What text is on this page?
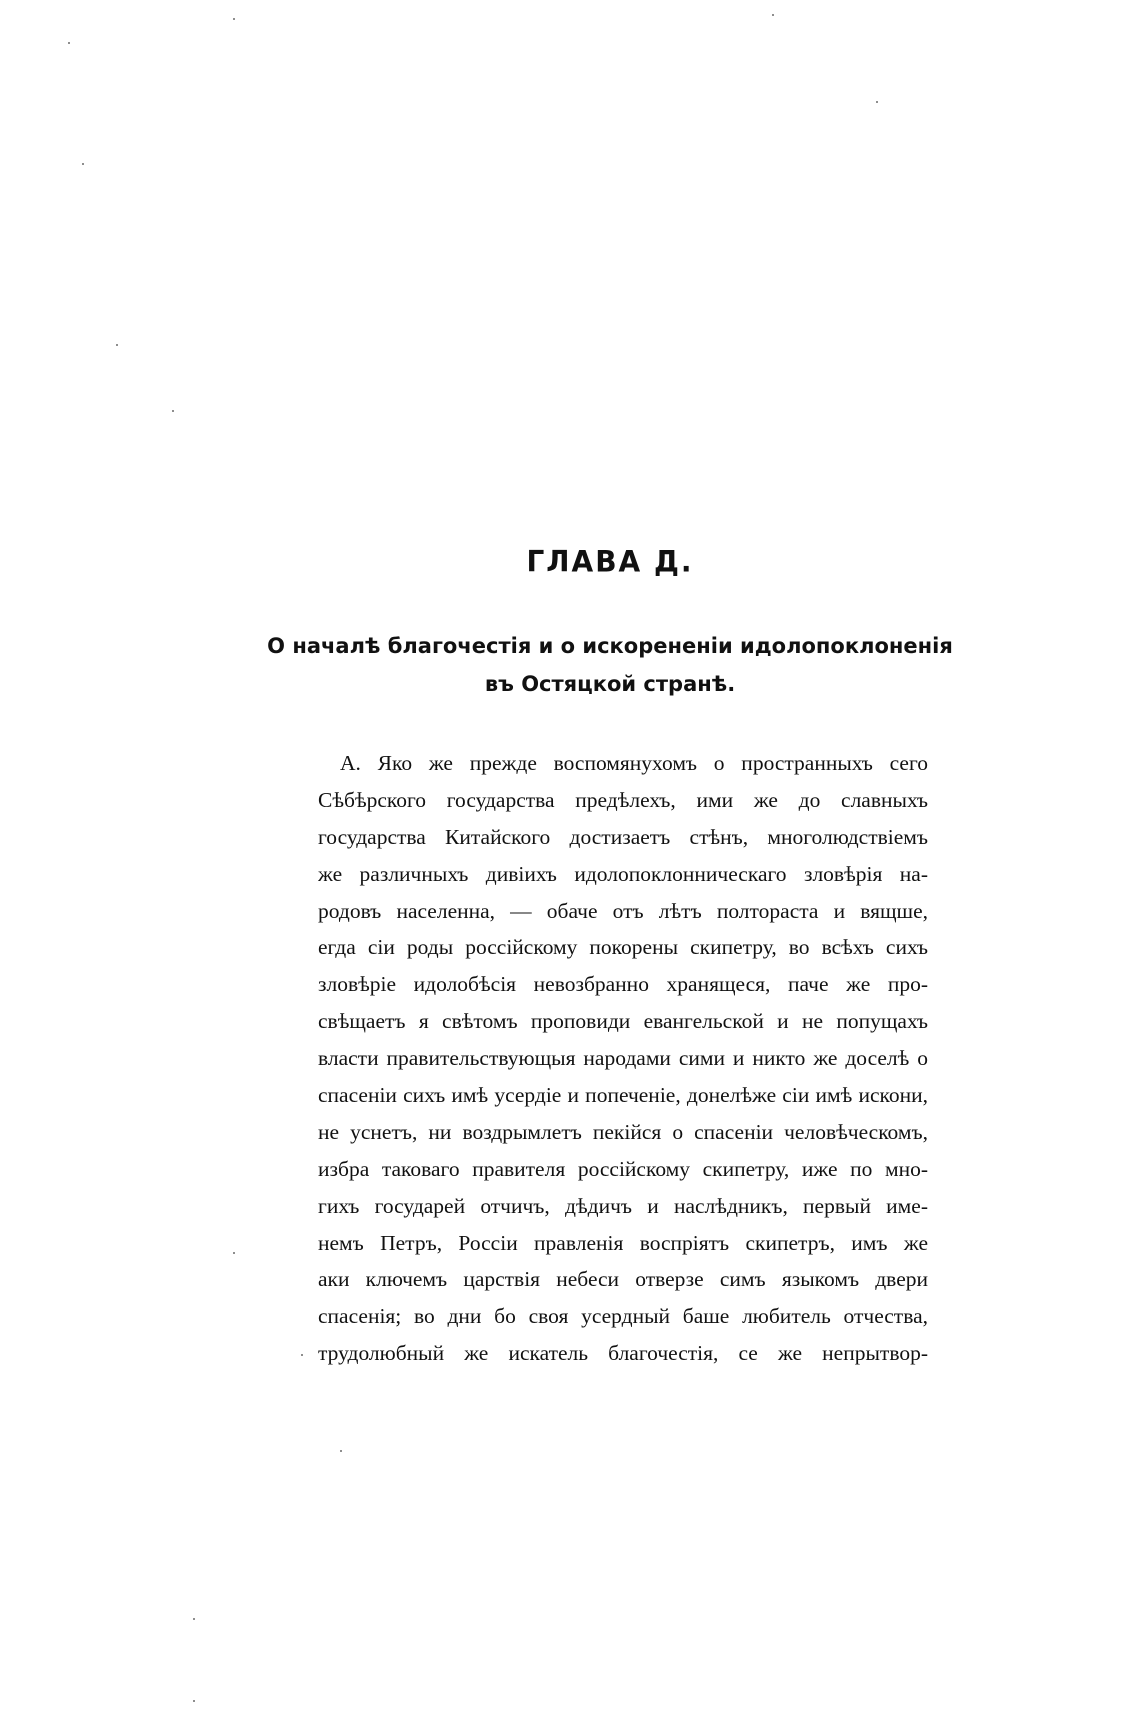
ГЛАВА Д.
О началѣ благочестія и о искорененіи идолопоклоненія
въ Остяцкой странѣ.
А. Яко же прежде воспомянухомъ о пространныхъ сего
Сѣбѣрского государства предѣлехъ, ими же до славныхъ
государства Китайского достизаетъ стѣнъ, многолюдствіемъ
же различныхъ дивіихъ идолопоклонническаго зловѣрія на-
родовъ населенна, — обаче отъ лѣтъ полтораста и вящше,
егда сіи роды россійскому покорены скипетру, во всѣхъ сихъ
зловѣріе идолобѣсія невозбранно хранящеся, паче же про-
свѣщаетъ я свѣтомъ проповиди евангельской и не попущахъ
власти правительствующыя народами сими и никто же доселѣ о
спасеніи сихъ имѣ усердіе и попеченіе, донелѣже сіи имѣ искони,
не уснетъ, ни воздрымлетъ пекійся о спасеніи человѣческомъ,
избра таковаго правителя россійскому скипетру, иже по мно-
гихъ государей отчичъ, дѣдичъ и наслѣдникъ, первый име-
немъ Петръ, Россіи правленія воспріятъ скипетръ, имъ же
аки ключемъ царствія небеси отверзе симъ языкомъ двери
спасенія; во дни бо своя усердный баше любитель отчества,
трудолюбный же искатель благочестія, се же непрытвор-
